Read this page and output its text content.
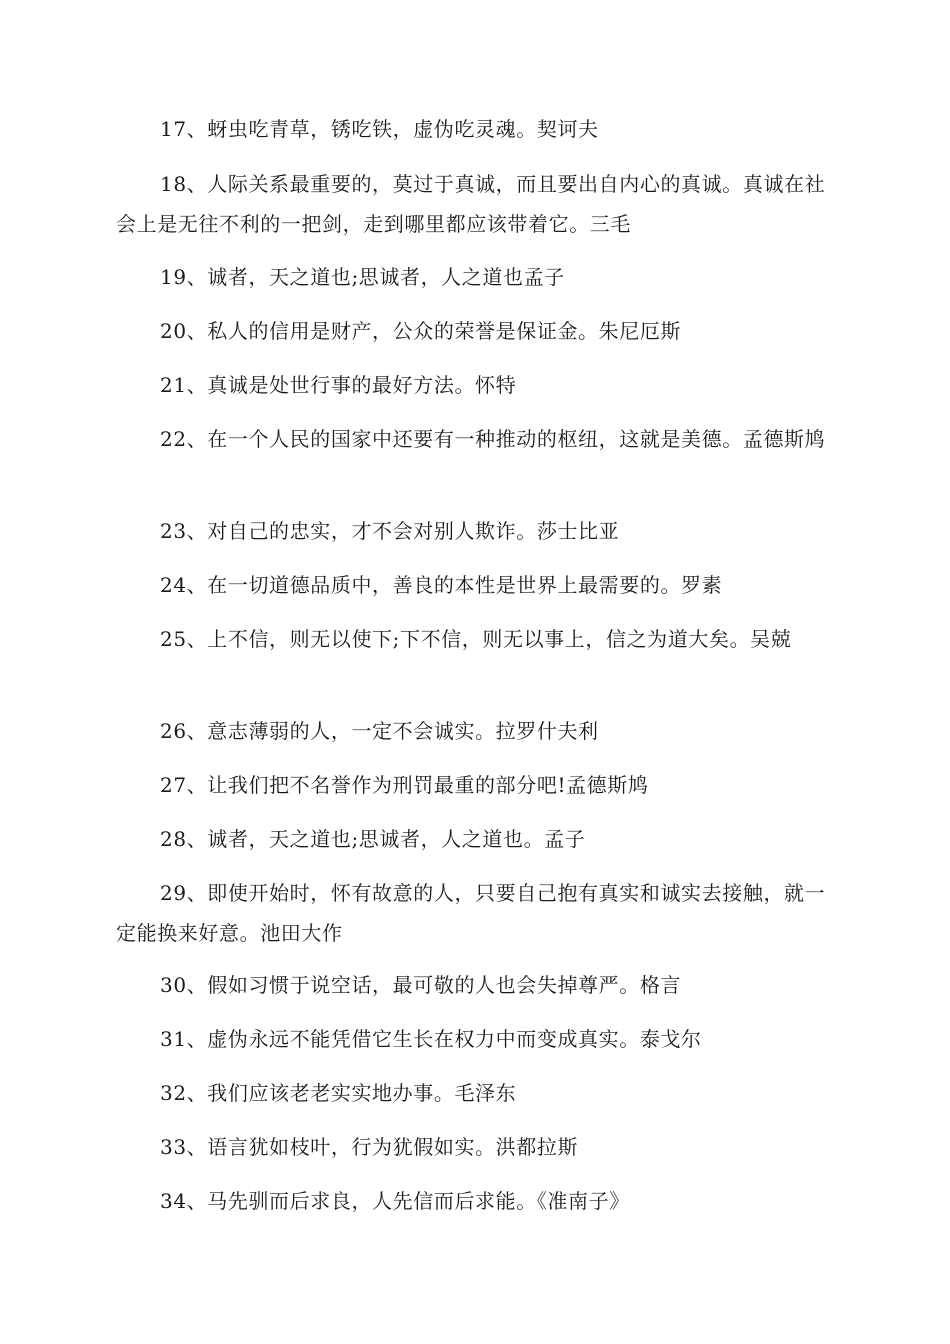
17、蚜虫吃青草，锈吃铁，虚伪吃灵魂。契诃夫

18、人际关系最重要的，莫过于真诚，而且要出自内心的真诚。真诚在社会上是无往不利的一把剑，走到哪里都应该带着它。三毛

19、诚者，天之道也;思诚者，人之道也孟子

20、私人的信用是财产，公众的荣誉是保证金。朱尼厄斯

21、真诚是处世行事的最好方法。怀特

22、在一个人民的国家中还要有一种推动的枢纽，这就是美德。孟德斯鸠

23、对自己的忠实，才不会对别人欺诈。莎士比亚

24、在一切道德品质中，善良的本性是世界上最需要的。罗素

25、上不信，则无以使下;下不信，则无以事上，信之为道大矣。吴兢

26、意志薄弱的人，一定不会诚实。拉罗什夫利

27、让我们把不名誉作为刑罚最重的部分吧!孟德斯鸠

28、诚者，天之道也;思诚者，人之道也。孟子

29、即使开始时，怀有故意的人，只要自己抱有真实和诚实去接触，就一定能换来好意。池田大作

30、假如习惯于说空话，最可敬的人也会失掉尊严。格言

31、虚伪永远不能凭借它生长在权力中而变成真实。泰戈尔

32、我们应该老老实实地办事。毛泽东

33、语言犹如枝叶，行为犹假如实。洪都拉斯

34、马先驯而后求良，人先信而后求能。《准南子》
